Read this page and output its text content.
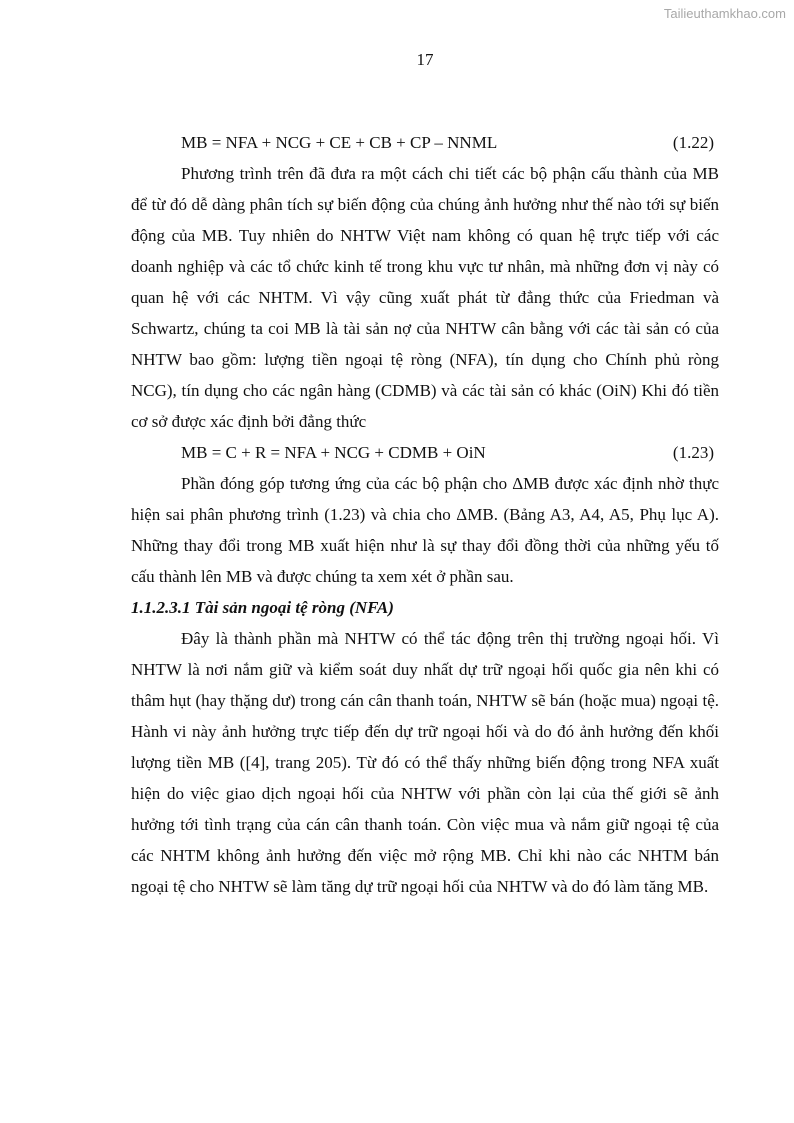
Tailieuthamkhao.com
17
MB = NFA + NCG + CE + CB + CP – NNML	(1.22)

Phương trình trên đã đưa ra một cách chi tiết các bộ phận cấu thành của MB để từ đó dễ dàng phân tích sự biến động của chúng ảnh hưởng như thế nào tới sự biến động của MB. Tuy nhiên do NHTW Việt nam không có quan hệ trực tiếp với các doanh nghiệp và các tổ chức kinh tế trong khu vực tư nhân, mà những đơn vị này có quan hệ với các NHTM. Vì vậy cũng xuất phát từ đẳng thức của Friedman và Schwartz, chúng ta coi MB là tài sản nợ của NHTW cân bằng với các tài sản có của NHTW bao gồm: lượng tiền ngoại tệ ròng (NFA), tín dụng cho Chính phủ ròng NCG), tín dụng cho các ngân hàng (CDMB) và các tài sản có khác (OiN) Khi đó tiền cơ sở được xác định bởi đẳng thức

MB = C + R = NFA + NCG + CDMB + OiN	(1.23)

Phần đóng góp tương ứng của các bộ phận cho ΔMB được xác định nhờ thực hiện sai phân phương trình (1.23) và chia cho ΔMB. (Bảng A3, A4, A5, Phụ lục A). Những thay đổi trong MB xuất hiện như là sự thay đổi đồng thời của những yếu tố cấu thành lên MB và được chúng ta xem xét ở phần sau.

1.1.2.3.1 Tài sản ngoại tệ ròng (NFA)

Đây là thành phần mà NHTW có thể tác động trên thị trường ngoại hối. Vì NHTW là nơi nắm giữ và kiểm soát duy nhất dự trữ ngoại hối quốc gia nên khi có thâm hụt (hay thặng dư) trong cán cân thanh toán, NHTW sẽ bán (hoặc mua) ngoại tệ. Hành vi này ảnh hưởng trực tiếp đến dự trữ ngoại hối và do đó ảnh hưởng đến khối lượng tiền MB ([4], trang 205). Từ đó có thể thấy những biến động trong NFA xuất hiện do việc giao dịch ngoại hối của NHTW với phần còn lại của thế giới sẽ ảnh hưởng tới tình trạng của cán cân thanh toán. Còn việc mua và nắm giữ ngoại tệ của các NHTM không ảnh hưởng đến việc mở rộng MB. Chỉ khi nào các NHTM bán ngoại tệ cho NHTW sẽ làm tăng dự trữ ngoại hối của NHTW và do đó làm tăng MB.
